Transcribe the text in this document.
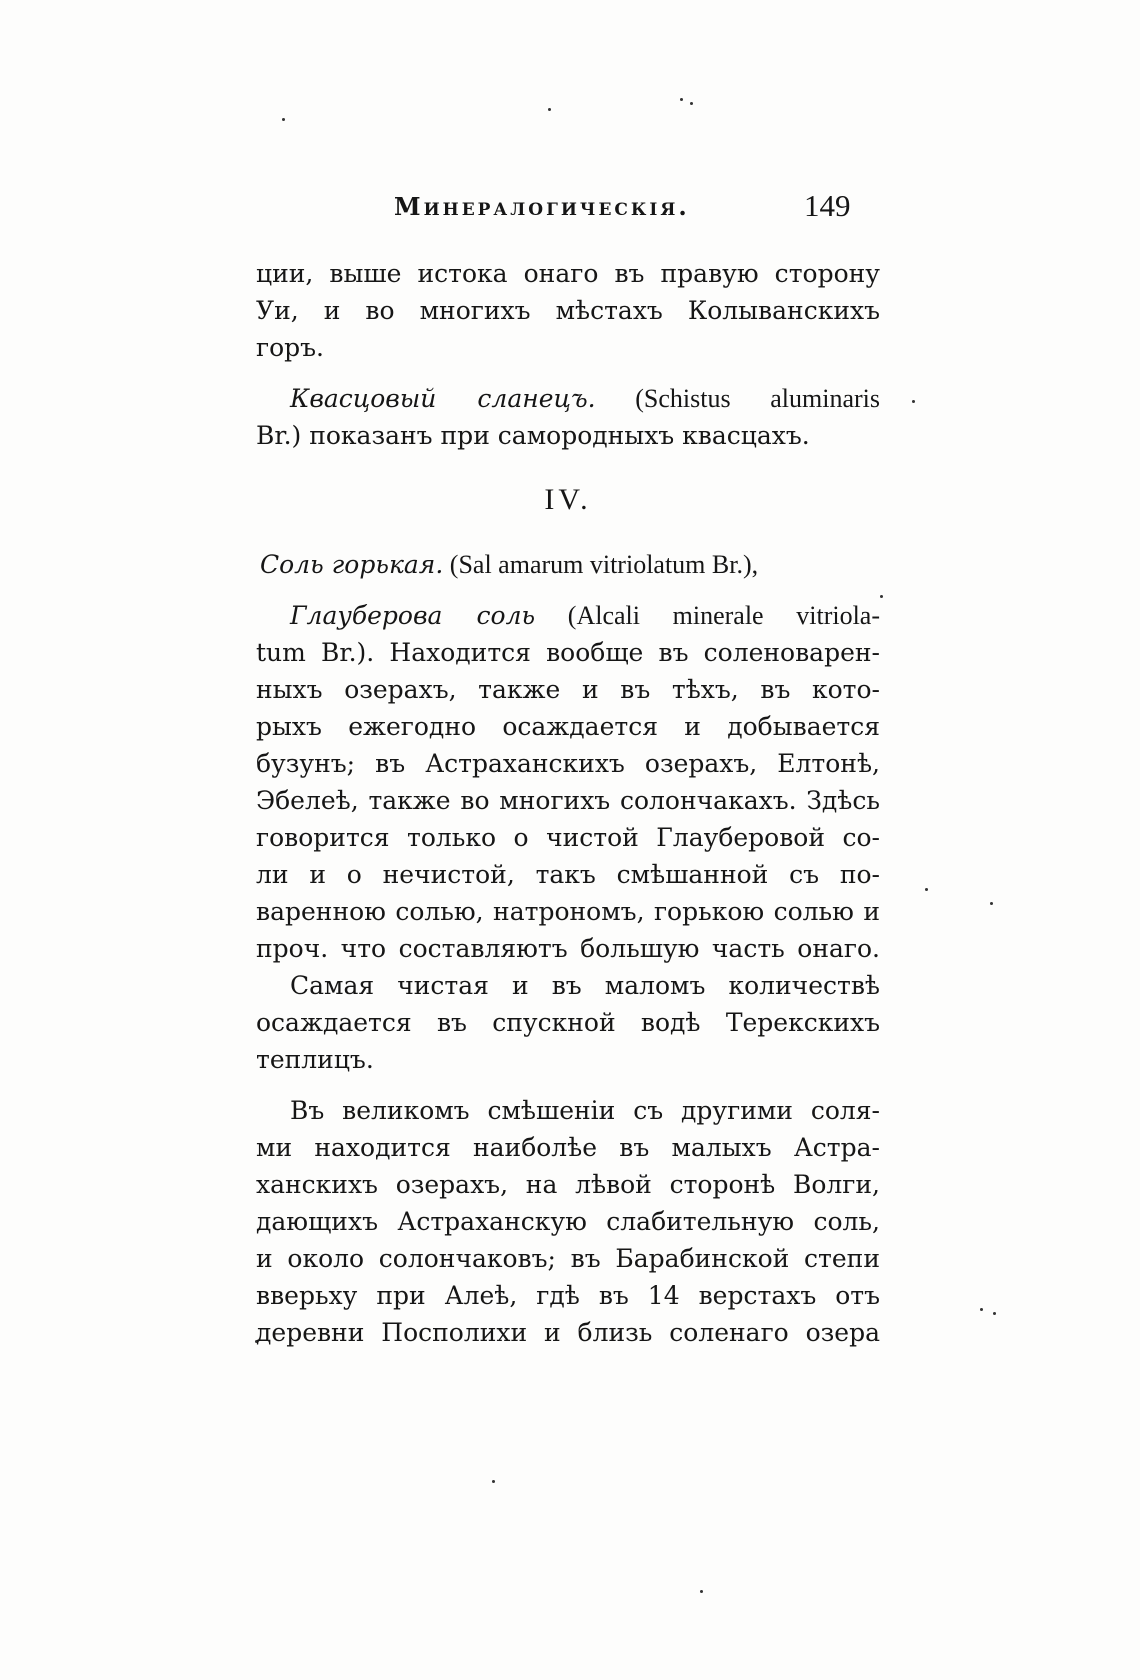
Минералогическія.	149
ции, выше истока онаго въ правую сторону
Уи, и во многихъ мѣстахъ Колыванскихъ
горъ.
Квасцовый сланецъ. (Schistus aluminaris
Br.) показанъ при самородныхъ квасцахъ.
IV.
Соль горькая. (Sal amarum vitriolatum Br.),
Глауберова соль (Alcali minerale vitriola-
tum Br.). Находится вообще въ соленоварен-
ныхъ озерахъ, также и въ тѣхъ, въ кото-
рыхъ ежегодно осаждается и добывается
бузунъ; въ Астраханскихъ озерахъ, Елтонѣ,
Эбелеѣ, также во многихъ солончакахъ. Здѣсь
говорится только о чистой Глауберовой со-
ли и о нечистой, такъ смѣшанной съ по-
варенною солью, натрономъ, горькою солью и
проч. что составляютъ большую часть онаго.
Самая чистая и въ маломъ количествѣ
осаждается въ спускной водѣ Терекскихъ
теплицъ.
Въ великомъ смѣшеніи съ другими соля-
ми находится наиболѣе въ малыхъ Астра-
ханскихъ озерахъ, на лѣвой сторонѣ Волги,
дающихъ Астраханскую слабительную соль,
и около солончаковъ; въ Барабинской степи
вверьху при Алеѣ, гдѣ въ 14 верстахъ отъ
деревни Посполихи и близь соленаго озера
